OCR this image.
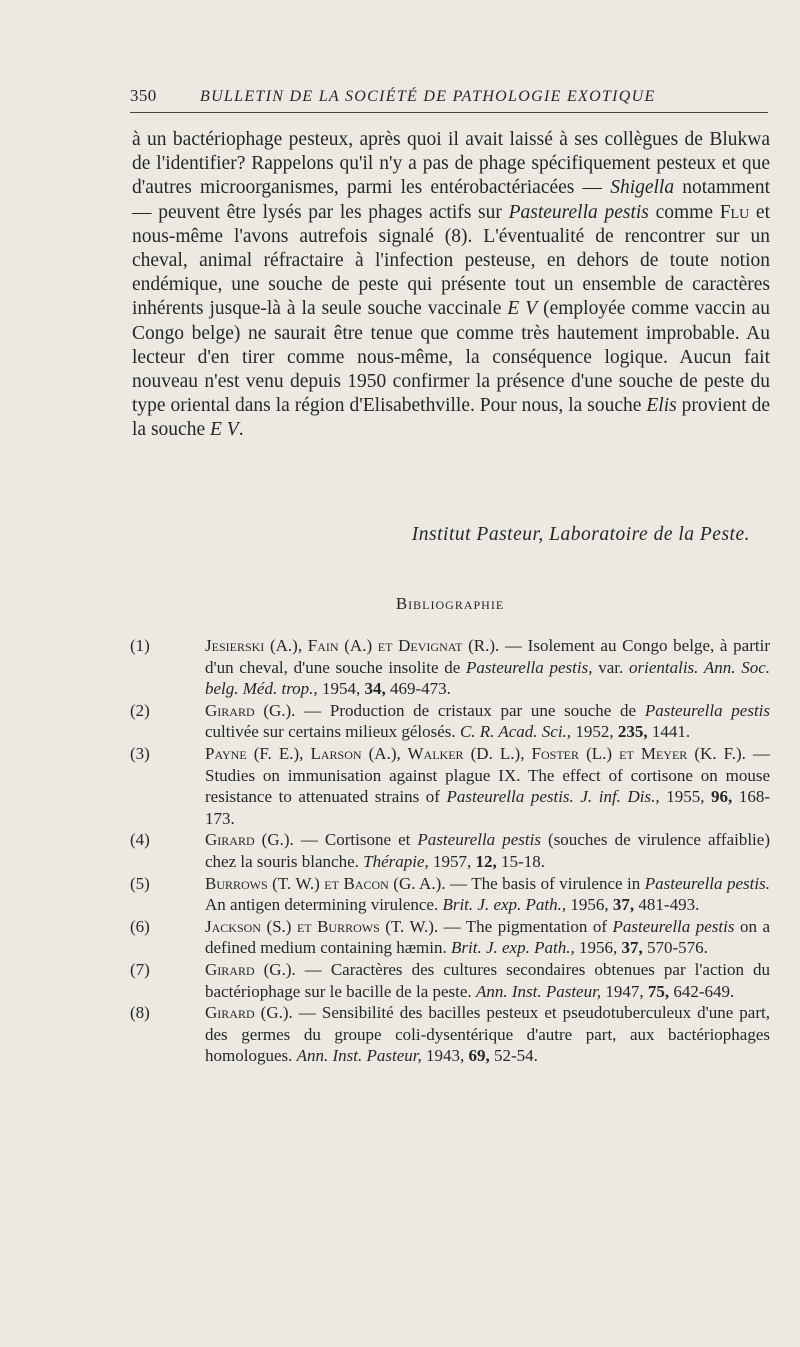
350	BULLETIN DE LA SOCIÉTÉ DE PATHOLOGIE EXOTIQUE

à un bactériophage pesteux, après quoi il avait laissé à ses collègues de Blukwa de l'identifier? Rappelons qu'il n'y a pas de phage spécifiquement pesteux et que d'autres microorganismes, parmi les entérobactériacées — Shigella notamment — peuvent être lysés par les phages actifs sur Pasteurella pestis comme Flu et nous-même l'avons autrefois signalé (8). L'éventualité de rencontrer sur un cheval, animal réfractaire à l'infection pesteuse, en dehors de toute notion endémique, une souche de peste qui présente tout un ensemble de caractères inhérents jusque-là à la seule souche vaccinale E V (employée comme vaccin au Congo belge) ne saurait être tenue que comme très hautement improbable. Au lecteur d'en tirer comme nous-même, la conséquence logique. Aucun fait nouveau n'est venu depuis 1950 confirmer la présence d'une souche de peste du type oriental dans la région d'Elisabethville. Pour nous, la souche Elis provient de la souche E V.

Institut Pasteur, Laboratoire de la Peste.
Bibliographie
(1)	Jesierski (A.), Fain (A.) et Devignat (R.). — Isolement au Congo belge, à partir d'un cheval, d'une souche insolite de Pasteurella pestis, var. orientalis. Ann. Soc. belg. Méd. trop., 1954, 34, 469-473.
(2)	Girard (G.). — Production de cristaux par une souche de Pasteurella pestis cultivée sur certains milieux gélosés. C. R. Acad. Sci., 1952, 235, 1441.
(3)	Payne (F. E.), Larson (A.), Walker (D. L.), Foster (L.) et Meyer (K. F.). — Studies on immunisation against plague IX. The effect of cortisone on mouse resistance to attenuated strains of Pasteurella pestis. J. inf. Dis., 1955, 96, 168-173.
(4)	Girard (G.). — Cortisone et Pasteurella pestis (souches de virulence affaiblie) chez la souris blanche. Thérapie, 1957, 12, 15-18.
(5)	Burrows (T. W.) et Bacon (G. A.). — The basis of virulence in Pasteurella pestis. An antigen determining virulence. Brit. J. exp. Path., 1956, 37, 481-493.
(6)	Jackson (S.) et Burrows (T. W.). — The pigmentation of Pasteurella pestis on a defined medium containing hæmin. Brit. J. exp. Path., 1956, 37, 570-576.
(7)	Girard (G.). — Caractères des cultures secondaires obtenues par l'action du bactériophage sur le bacille de la peste. Ann. Inst. Pasteur, 1947, 75, 642-649.
(8)	Girard (G.). — Sensibilité des bacilles pesteux et pseudotuberculeux d'une part, des germes du groupe coli-dysentérique d'autre part, aux bactériophages homologues. Ann. Inst. Pasteur, 1943, 69, 52-54.
